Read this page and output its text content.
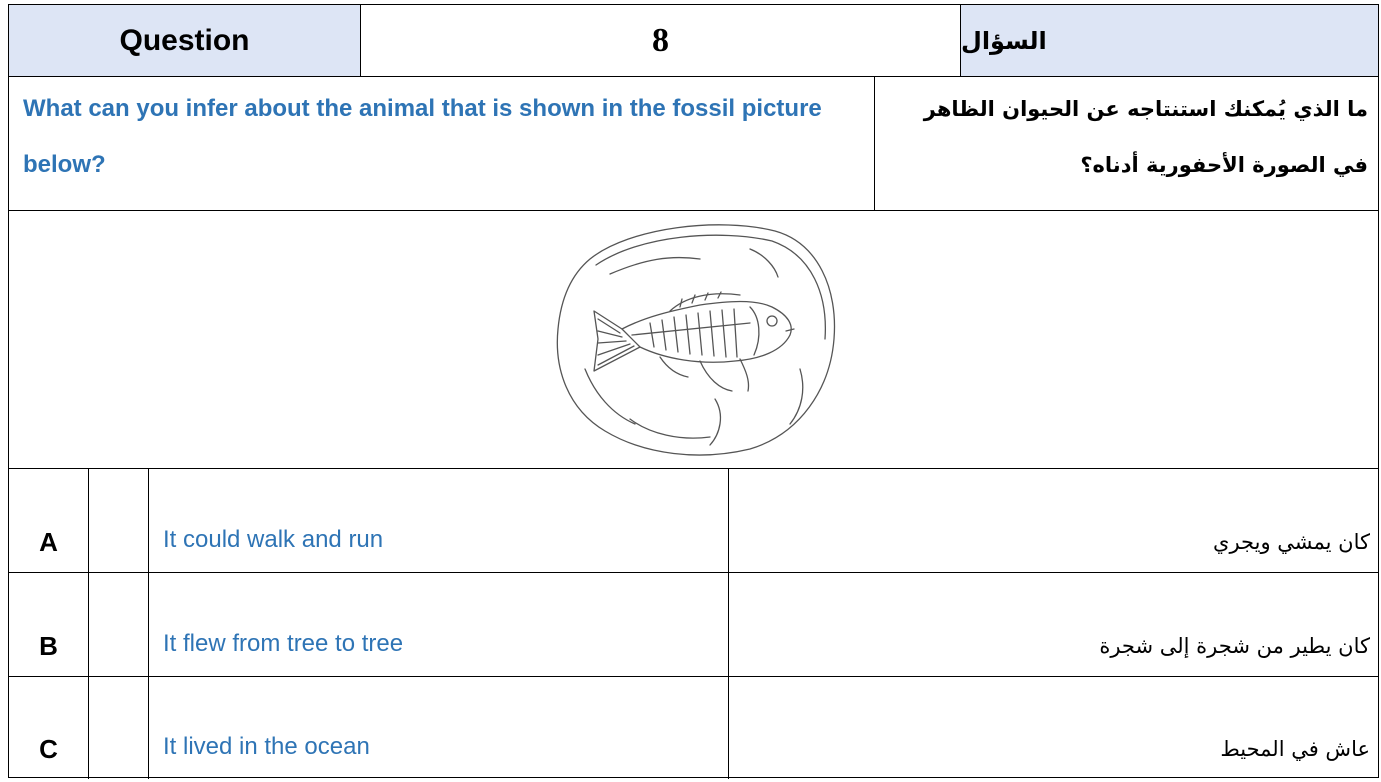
Question	8	السؤال
What can you infer about the animal that is shown in the fossil picture below?
ما الذي يُمكنك استنتاجه عن الحيوان الظاهر في الصورة الأحفورية أدناه؟
A	It could walk and run	كان يمشي ويجري
B	It flew from tree to tree	كان يطير من شجرة إلى شجرة
C	It lived in the ocean	عاش في المحيط
